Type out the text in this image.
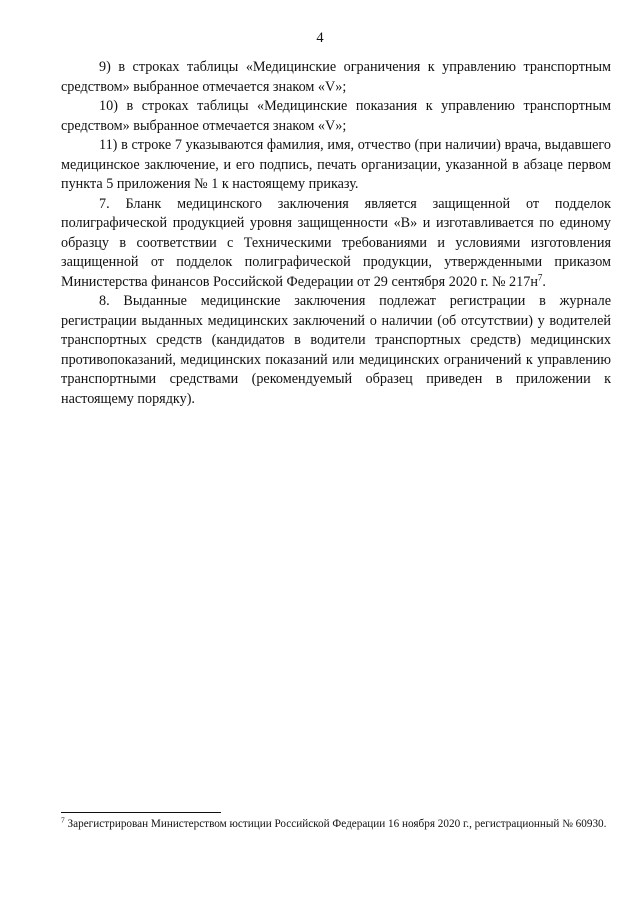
4

9) в строках таблицы «Медицинские ограничения к управлению транспортным средством» выбранное отмечается знаком «V»;

10) в строках таблицы «Медицинские показания к управлению транспортным средством» выбранное отмечается знаком «V»;

11) в строке 7 указываются фамилия, имя, отчество (при наличии) врача, выдавшего медицинское заключение, и его подпись, печать организации, указанной в абзаце первом пункта 5 приложения № 1 к настоящему приказу.

7. Бланк медицинского заключения является защищенной от подделок полиграфической продукцией уровня защищенности «В» и изготавливается по единому образцу в соответствии с Техническими требованиями и условиями изготовления защищенной от подделок полиграфической продукции, утвержденными приказом Министерства финансов Российской Федерации от 29 сентября 2020 г. № 217н$^7$.

8. Выданные медицинские заключения подлежат регистрации в журнале регистрации выданных медицинских заключений о наличии (об отсутствии) у водителей транспортных средств (кандидатов в водители транспортных средств) медицинских противопоказаний, медицинских показаний или медицинских ограничений к управлению транспортными средствами (рекомендуемый образец приведен в приложении к настоящему порядку).

$^7$ Зарегистрирован Министерством юстиции Российской Федерации 16 ноября 2020 г., регистрационный № 60930.
